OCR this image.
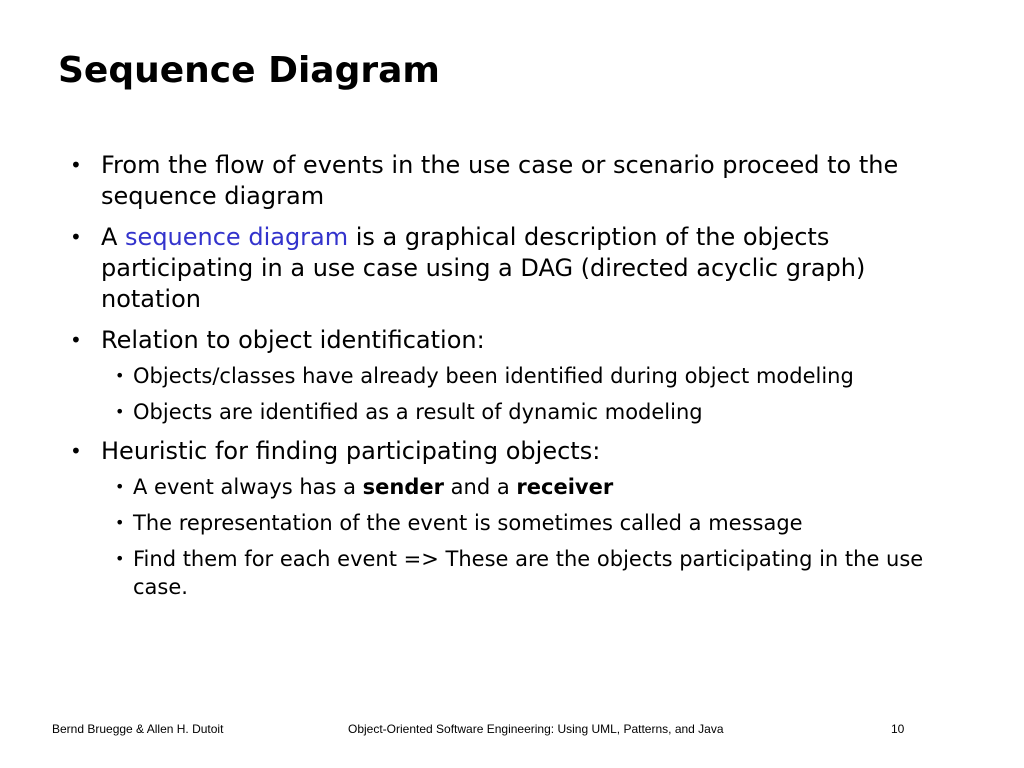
Sequence Diagram
• From the flow of events in the use case or scenario proceed to the sequence diagram
• A sequence diagram is a graphical description of the objects participating in a use case using a DAG (directed acyclic graph) notation
• Relation to object identification:
• Objects/classes have already been identified during object modeling
• Objects are identified as a result of dynamic modeling
• Heuristic for finding participating objects:
• A event always has a sender and a receiver
• The representation of the event is sometimes called a message
• Find them for each event => These are the objects participating in the use case.
Bernd Bruegge & Allen H. Dutoit	Object-Oriented Software Engineering: Using UML, Patterns, and Java	10
